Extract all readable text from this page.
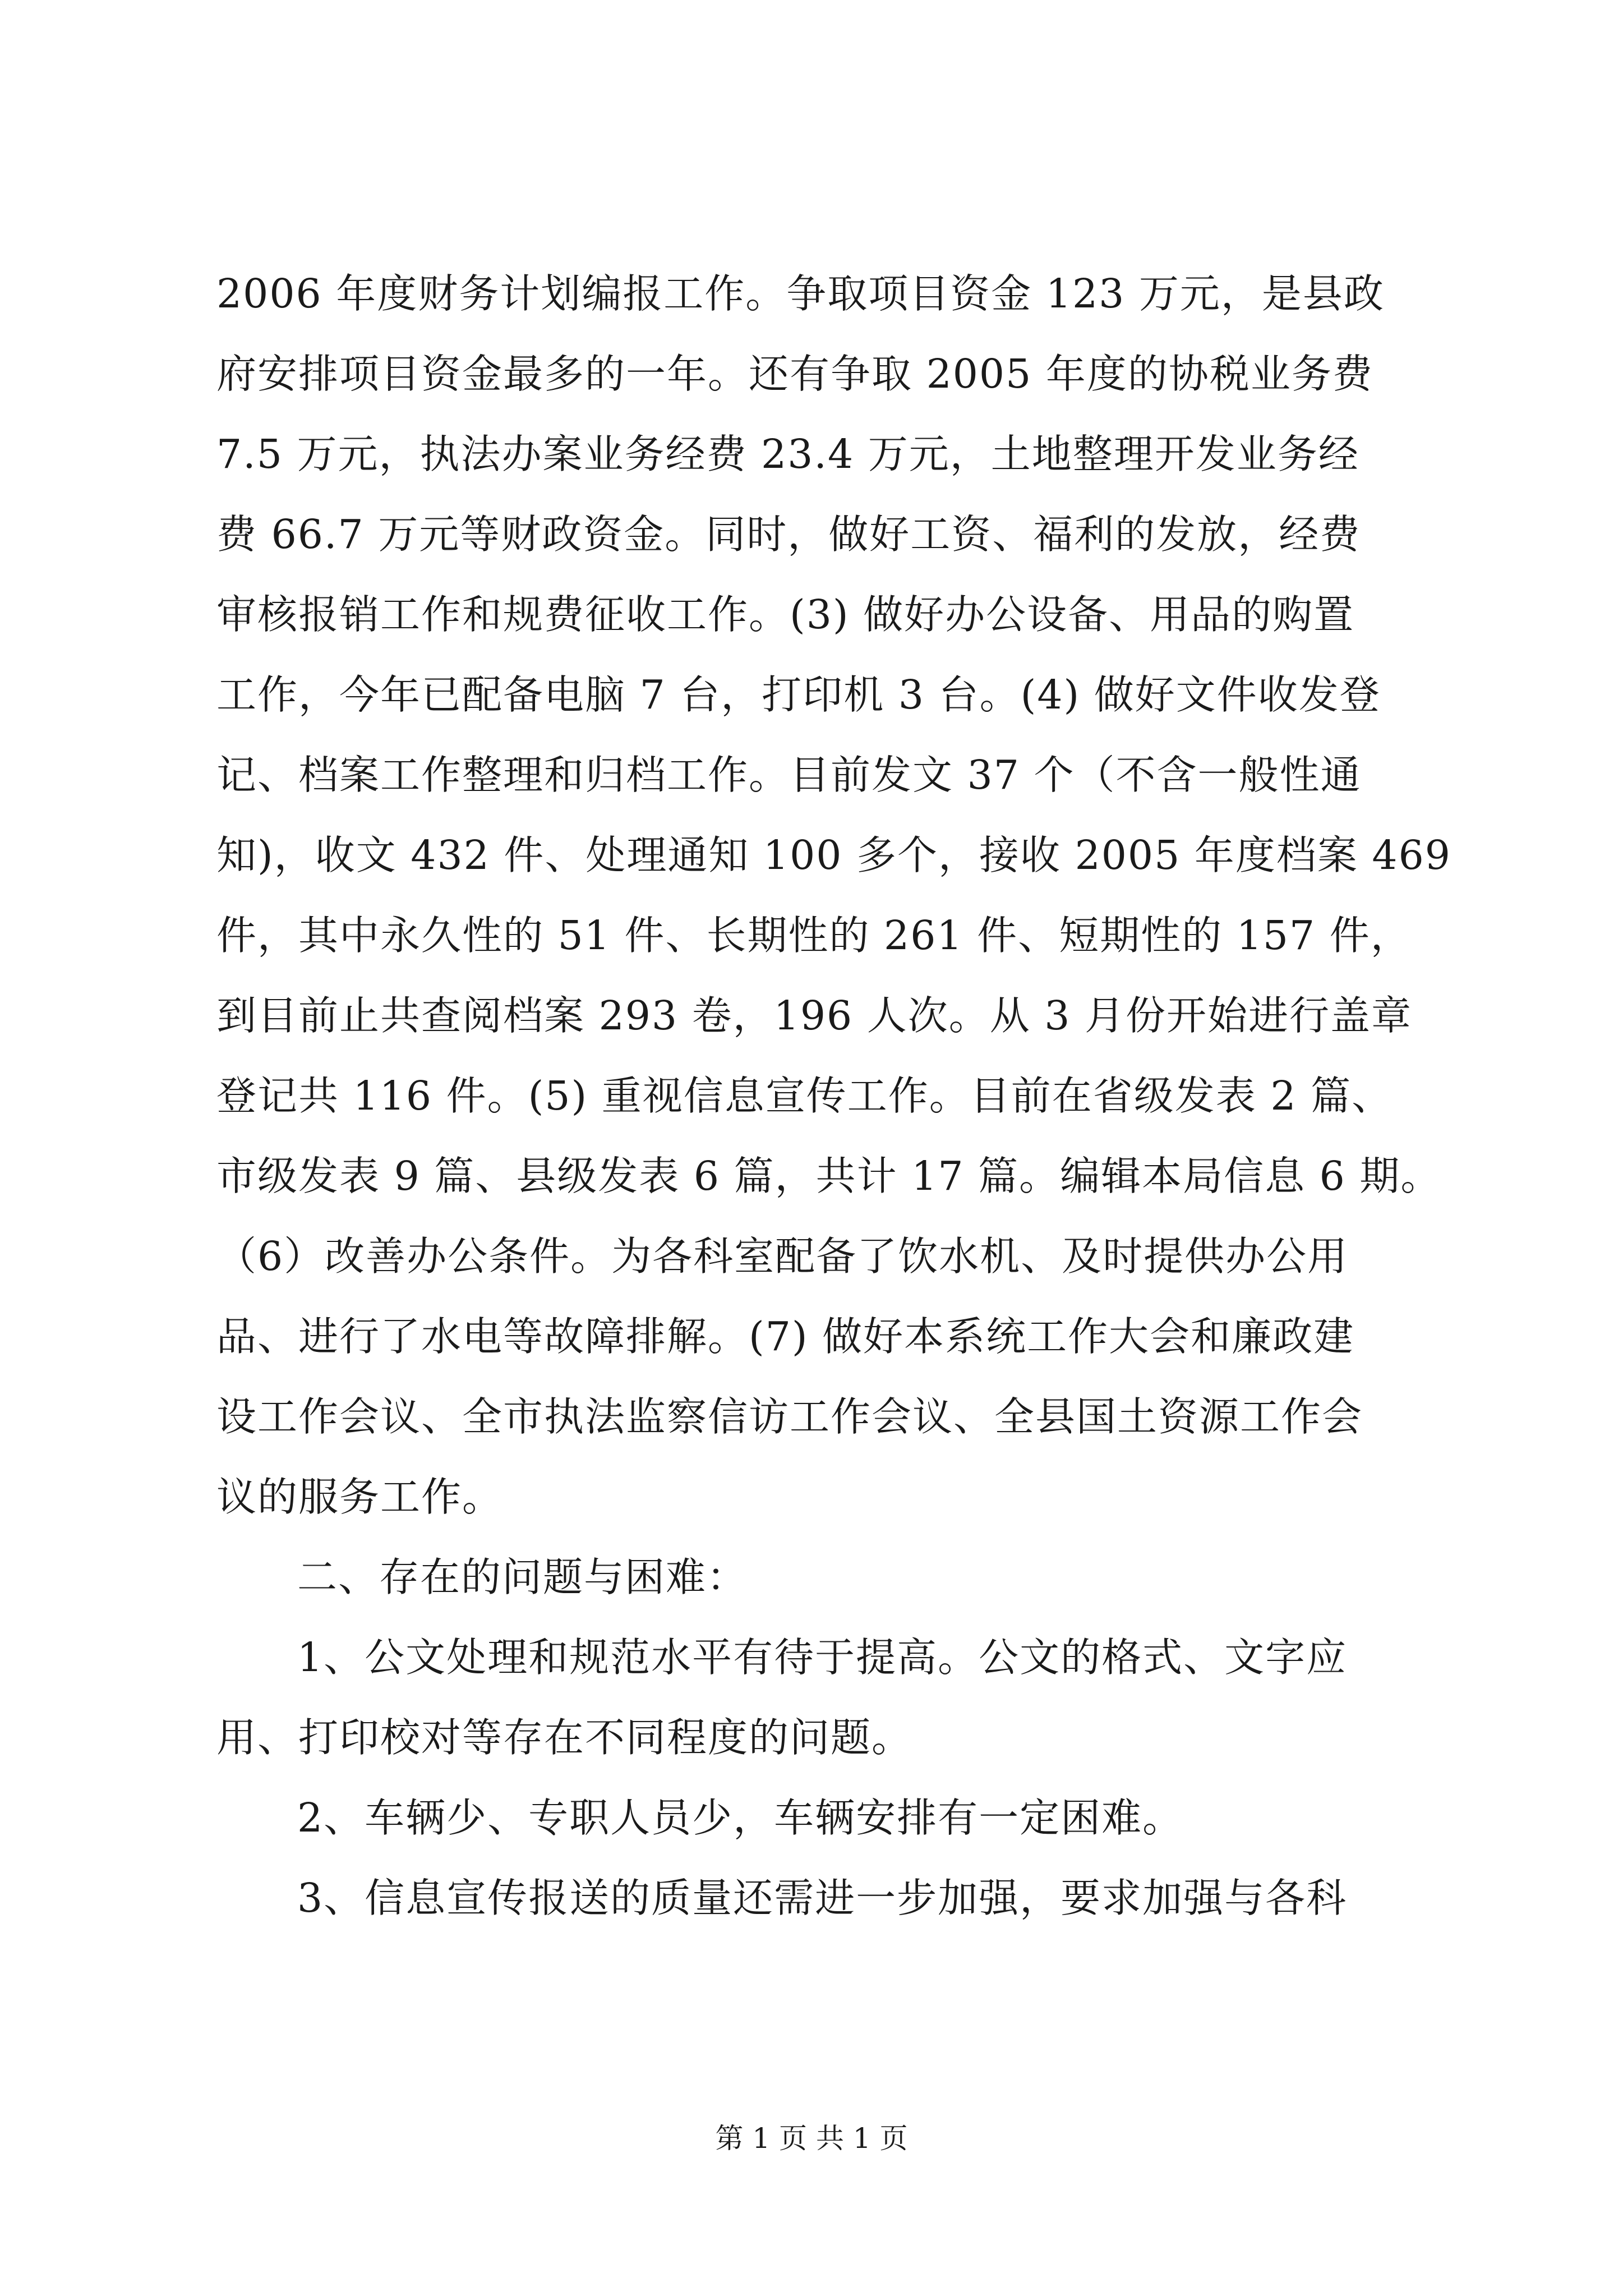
2006 年度财务计划编报工作。争取项目资金 123 万元，是县政
府安排项目资金最多的一年。还有争取 2005 年度的协税业务费
7.5 万元，执法办案业务经费 23.4 万元，土地整理开发业务经
费 66.7 万元等财政资金。同时，做好工资、福利的发放，经费
审核报销工作和规费征收工作。(3) 做好办公设备、用品的购置
工作，今年已配备电脑 7 台，打印机 3 台。(4) 做好文件收发登
记、档案工作整理和归档工作。目前发文 37 个（不含一般性通
知)，收文 432 件、处理通知 100 多个，接收 2005 年度档案 469
件，其中永久性的 51 件、长期性的 261 件、短期性的 157 件，
到目前止共查阅档案 293 卷，196 人次。从 3 月份开始进行盖章
登记共 116 件。(5) 重视信息宣传工作。目前在省级发表 2 篇、
市级发表 9 篇、县级发表 6 篇，共计 17 篇。编辑本局信息 6 期。
（6）改善办公条件。为各科室配备了饮水机、及时提供办公用
品、进行了水电等故障排解。(7) 做好本系统工作大会和廉政建
设工作会议、全市执法监察信访工作会议、全县国土资源工作会
议的服务工作。
二、存在的问题与困难：
1、公文处理和规范水平有待于提高。公文的格式、文字应
用、打印校对等存在不同程度的问题。
2、车辆少、专职人员少，车辆安排有一定困难。
3、信息宣传报送的质量还需进一步加强，要求加强与各科
第 1 页 共 1 页
